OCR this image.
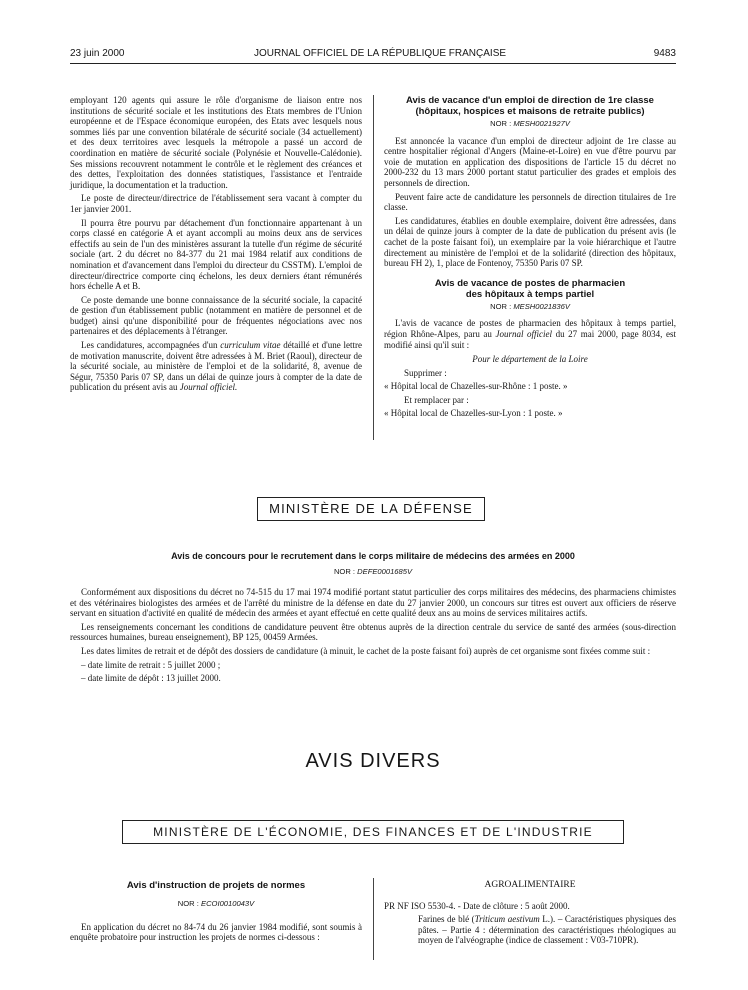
23 juin 2000	JOURNAL OFFICIEL DE LA RÉPUBLIQUE FRANÇAISE	9483

employant 120 agents qui assure le rôle d'organisme de liaison entre nos institutions de sécurité sociale et les institutions des Etats membres de l'Union européenne et de l'Espace économique européen, des Etats avec lesquels nous sommes liés par une convention bilatérale de sécurité sociale (34 actuellement) et des deux territoires avec lesquels la métropole a passé un accord de coordination en matière de sécurité sociale (Polynésie et Nouvelle-Calédonie). Ses missions recouvrent notamment le contrôle et le règlement des créances et des dettes, l'exploitation des données statistiques, l'assistance et l'entraide juridique, la documentation et la traduction.

Le poste de directeur/directrice de l'établissement sera vacant à compter du 1er janvier 2001.

Il pourra être pourvu par détachement d'un fonctionnaire appartenant à un corps classé en catégorie A et ayant accompli au moins deux ans de services effectifs au sein de l'un des ministères assurant la tutelle d'un régime de sécurité sociale (art. 2 du décret no 84-377 du 21 mai 1984 relatif aux conditions de nomination et d'avancement dans l'emploi du directeur du CSSTM). L'emploi de directeur/directrice comporte cinq échelons, les deux derniers étant rémunérés hors échelle A et B.

Ce poste demande une bonne connaissance de la sécurité sociale, la capacité de gestion d'un établissement public (notamment en matière de personnel et de budget) ainsi qu'une disponibilité pour de fréquentes négociations avec nos partenaires et des déplacements à l'étranger.

Les candidatures, accompagnées d'un curriculum vitae détaillé et d'une lettre de motivation manuscrite, doivent être adressées à M. Briet (Raoul), directeur de la sécurité sociale, au ministère de l'emploi et de la solidarité, 8, avenue de Ségur, 75350 Paris 07 SP, dans un délai de quinze jours à compter de la date de publication du présent avis au Journal officiel.

Avis de vacance d'un emploi de direction de 1re classe
(hôpitaux, hospices et maisons de retraite publics)
NOR : MESH0021927V

Est annoncée la vacance d'un emploi de directeur adjoint de 1re classe au centre hospitalier régional d'Angers (Maine-et-Loire) en vue d'être pourvu par voie de mutation en application des dispositions de l'article 15 du décret no 2000-232 du 13 mars 2000 portant statut particulier des grades et emplois des personnels de direction.

Peuvent faire acte de candidature les personnels de direction titulaires de 1re classe.

Les candidatures, établies en double exemplaire, doivent être adressées, dans un délai de quinze jours à compter de la date de publication du présent avis (le cachet de la poste faisant foi), un exemplaire par la voie hiérarchique et l'autre directement au ministère de l'emploi et de la solidarité (direction des hôpitaux, bureau FH 2), 1, place de Fontenoy, 75350 Paris 07 SP.

Avis de vacance de postes de pharmacien
des hôpitaux à temps partiel
NOR : MESH0021836V

L'avis de vacance de postes de pharmacien des hôpitaux à temps partiel, région Rhône-Alpes, paru au Journal officiel du 27 mai 2000, page 8034, est modifié ainsi qu'il suit :

Pour le département de la Loire

Supprimer :

« Hôpital local de Chazelles-sur-Rhône : 1 poste. »

Et remplacer par :

« Hôpital local de Chazelles-sur-Lyon : 1 poste. »

MINISTÈRE DE LA DÉFENSE
Avis de concours pour le recrutement dans le corps militaire de médecins des armées en 2000
NOR : DEFE0001685V

Conformément aux dispositions du décret no 74-515 du 17 mai 1974 modifié portant statut particulier des corps militaires des médecins, des pharmaciens chimistes et des vétérinaires biologistes des armées et de l'arrêté du ministre de la défense en date du 27 janvier 2000, un concours sur titres est ouvert aux officiers de réserve servant en situation d'activité en qualité de médecin des armées et ayant effectué en cette qualité deux ans au moins de services militaires actifs.

Les renseignements concernant les conditions de candidature peuvent être obtenus auprès de la direction centrale du service de santé des armées (sous-direction ressources humaines, bureau enseignement), BP 125, 00459 Armées.

Les dates limites de retrait et de dépôt des dossiers de candidature (à minuit, le cachet de la poste faisant foi) auprès de cet organisme sont fixées comme suit :

– date limite de retrait : 5 juillet 2000 ;

– date limite de dépôt : 13 juillet 2000.

AVIS DIVERS
MINISTÈRE DE L'ÉCONOMIE, DES FINANCES ET DE L'INDUSTRIE
Avis d'instruction de projets de normes
NOR : ECOI0010043V

En application du décret no 84-74 du 26 janvier 1984 modifié, sont soumis à enquête probatoire pour instruction les projets de normes ci-dessous :

AGROALIMENTAIRE

PR NF ISO 5530-4. - Date de clôture : 5 août 2000.

Farines de blé (Triticum aestivum L.). – Caractéristiques physiques des pâtes. – Partie 4 : détermination des caractéristiques rhéologiques au moyen de l'alvéographe (indice de classement : V03-710PR).
